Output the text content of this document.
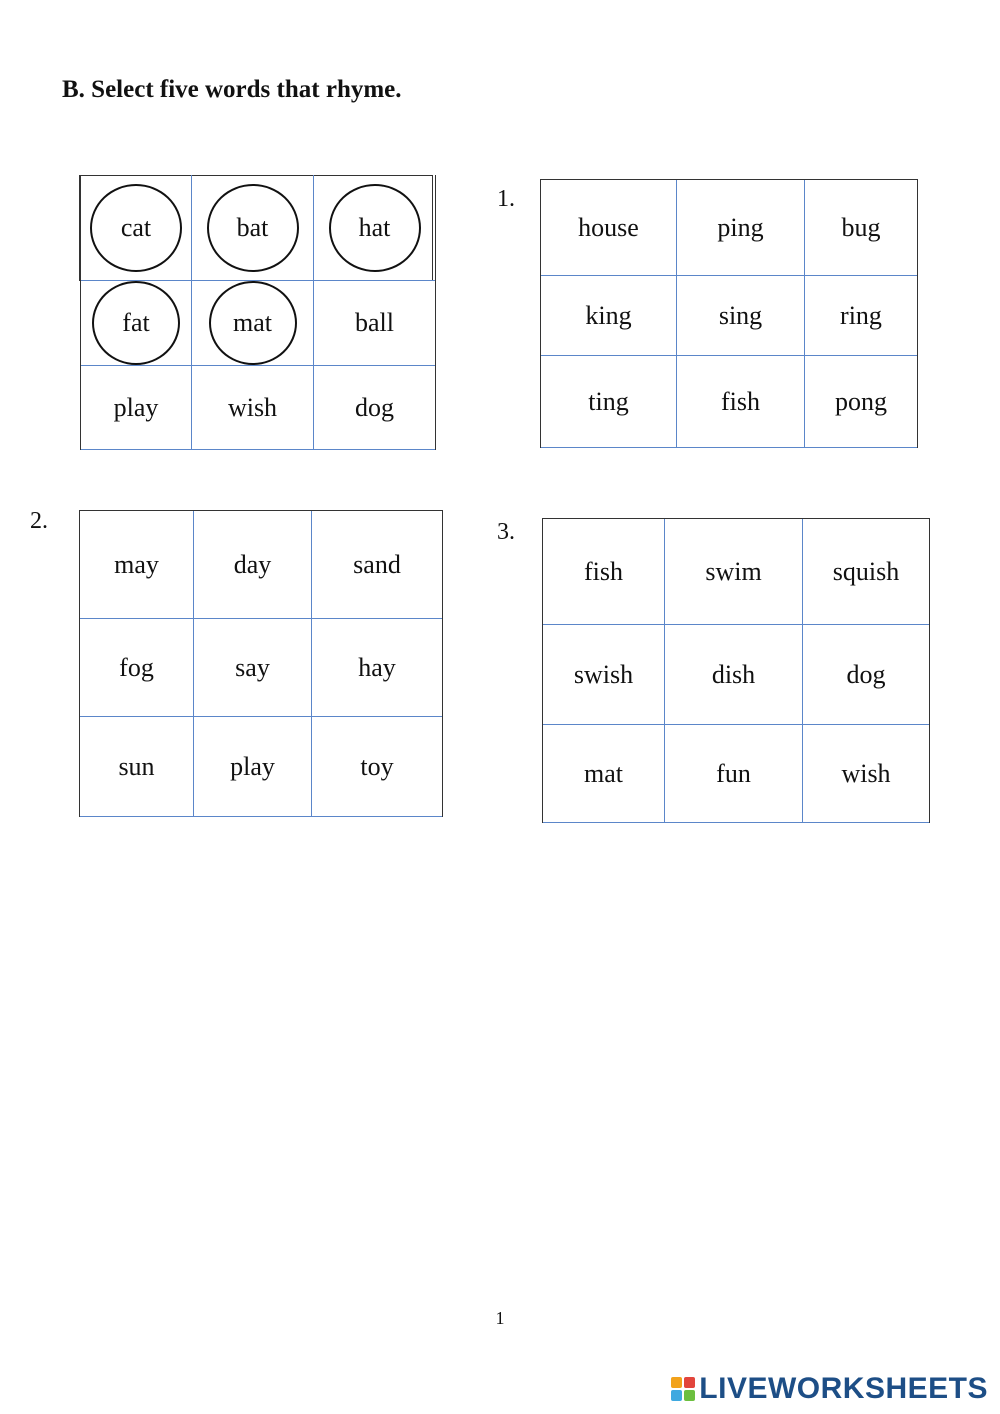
B. Select five words that rhyme.
cat	bat	hat
fat	mat	ball
play	wish	dog
1.
house	ping	bug
king	sing	ring
ting	fish	pong
2.
may	day	sand
fog	say	hay
sun	play	toy
3.
fish	swim	squish
swish	dish	dog
mat	fun	wish
1
LIVEWORKSHEETS
